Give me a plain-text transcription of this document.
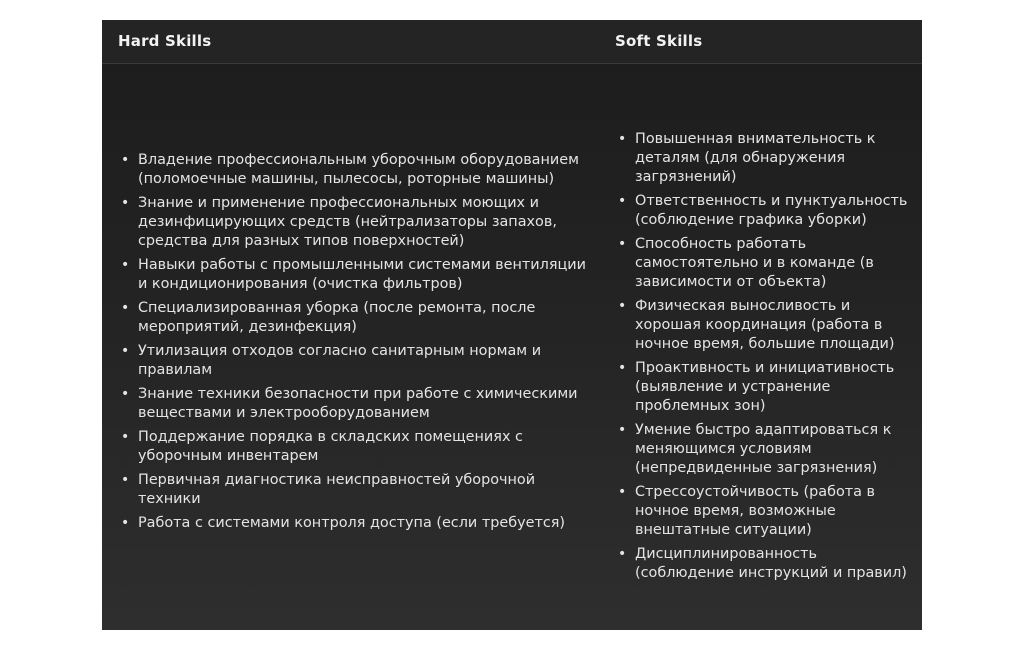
Hard Skills	Soft Skills
• Владение профессиональным уборочным оборудованием (поломоечные машины, пылесосы, роторные машины)
• Знание и применение профессиональных моющих и дезинфицирующих средств (нейтрализаторы запахов, средства для разных типов поверхностей)
• Навыки работы с промышленными системами вентиляции и кондиционирования (очистка фильтров)
• Специализированная уборка (после ремонта, после мероприятий, дезинфекция)
• Утилизация отходов согласно санитарным нормам и правилам
• Знание техники безопасности при работе с химическими веществами и электрооборудованием
• Поддержание порядка в складских помещениях с уборочным инвентарем
• Первичная диагностика неисправностей уборочной техники
• Работа с системами контроля доступа (если требуется)
• Повышенная внимательность к деталям (для обнаружения загрязнений)
• Ответственность и пунктуальность (соблюдение графика уборки)
• Способность работать самостоятельно и в команде (в зависимости от объекта)
• Физическая выносливость и хорошая координация (работа в ночное время, большие площади)
• Проактивность и инициативность (выявление и устранение проблемных зон)
• Умение быстро адаптироваться к меняющимся условиям (непредвиденные загрязнения)
• Стрессоустойчивость (работа в ночное время, возможные внештатные ситуации)
• Дисциплинированность (соблюдение инструкций и правил)
